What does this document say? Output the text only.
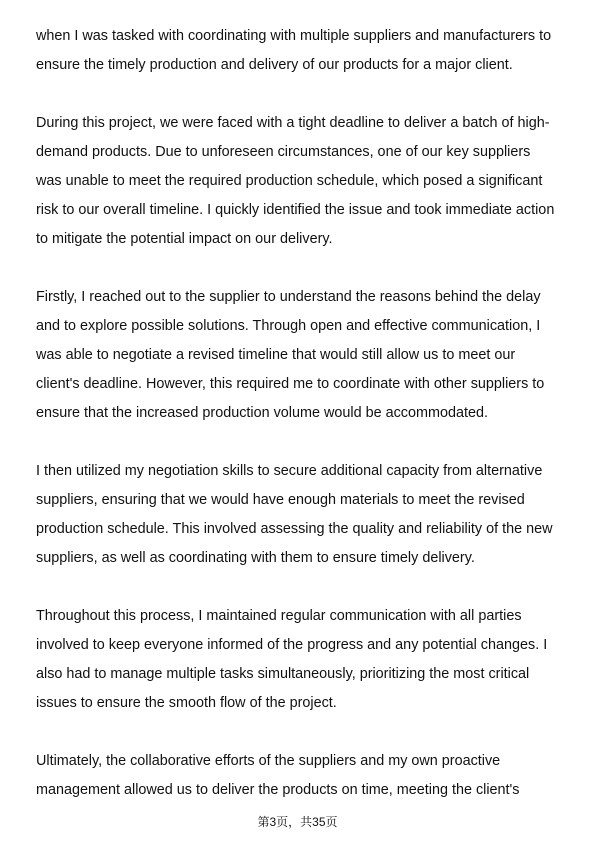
when I was tasked with coordinating with multiple suppliers and manufacturers to
ensure the timely production and delivery of our products for a major client.
During this project, we were faced with a tight deadline to deliver a batch of high-
demand products. Due to unforeseen circumstances, one of our key suppliers
was unable to meet the required production schedule, which posed a significant
risk to our overall timeline. I quickly identified the issue and took immediate action
to mitigate the potential impact on our delivery.
Firstly, I reached out to the supplier to understand the reasons behind the delay
and to explore possible solutions. Through open and effective communication, I
was able to negotiate a revised timeline that would still allow us to meet our
client's deadline. However, this required me to coordinate with other suppliers to
ensure that the increased production volume would be accommodated.
I then utilized my negotiation skills to secure additional capacity from alternative
suppliers, ensuring that we would have enough materials to meet the revised
production schedule. This involved assessing the quality and reliability of the new
suppliers, as well as coordinating with them to ensure timely delivery.
Throughout this process, I maintained regular communication with all parties
involved to keep everyone informed of the progress and any potential changes. I
also had to manage multiple tasks simultaneously, prioritizing the most critical
issues to ensure the smooth flow of the project.
Ultimately, the collaborative efforts of the suppliers and my own proactive
management allowed us to deliver the products on time, meeting the client's
第3页，共35页
